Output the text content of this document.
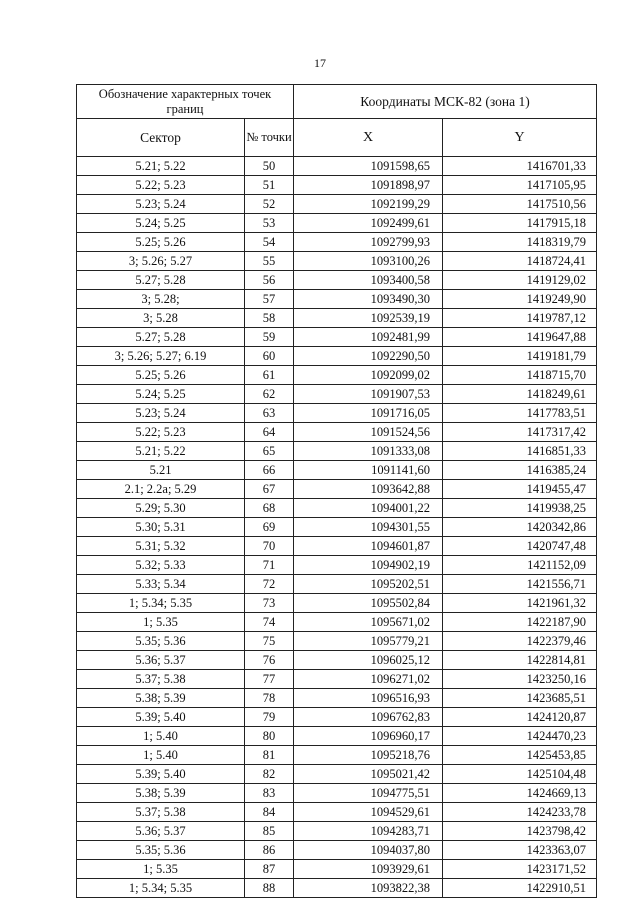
17
Обозначение характерных точек границ		Координаты МСК-82 (зона 1)	
Сектор	№ точки	X	Y
5.21; 5.22	50	1091598,65	1416701,33
5.22; 5.23	51	1091898,97	1417105,95
5.23; 5.24	52	1092199,29	1417510,56
5.24; 5.25	53	1092499,61	1417915,18
5.25; 5.26	54	1092799,93	1418319,79
3; 5.26; 5.27	55	1093100,26	1418724,41
5.27; 5.28	56	1093400,58	1419129,02
3; 5.28;	57	1093490,30	1419249,90
3; 5.28	58	1092539,19	1419787,12
5.27; 5.28	59	1092481,99	1419647,88
3; 5.26; 5.27; 6.19	60	1092290,50	1419181,79
5.25; 5.26	61	1092099,02	1418715,70
5.24; 5.25	62	1091907,53	1418249,61
5.23; 5.24	63	1091716,05	1417783,51
5.22; 5.23	64	1091524,56	1417317,42
5.21; 5.22	65	1091333,08	1416851,33
5.21	66	1091141,60	1416385,24
2.1; 2.2a; 5.29	67	1093642,88	1419455,47
5.29; 5.30	68	1094001,22	1419938,25
5.30; 5.31	69	1094301,55	1420342,86
5.31; 5.32	70	1094601,87	1420747,48
5.32; 5.33	71	1094902,19	1421152,09
5.33; 5.34	72	1095202,51	1421556,71
1; 5.34; 5.35	73	1095502,84	1421961,32
1; 5.35	74	1095671,02	1422187,90
5.35; 5.36	75	1095779,21	1422379,46
5.36; 5.37	76	1096025,12	1422814,81
5.37; 5.38	77	1096271,02	1423250,16
5.38; 5.39	78	1096516,93	1423685,51
5.39; 5.40	79	1096762,83	1424120,87
1; 5.40	80	1096960,17	1424470,23
1; 5.40	81	1095218,76	1425453,85
5.39; 5.40	82	1095021,42	1425104,48
5.38; 5.39	83	1094775,51	1424669,13
5.37; 5.38	84	1094529,61	1424233,78
5.36; 5.37	85	1094283,71	1423798,42
5.35; 5.36	86	1094037,80	1423363,07
1; 5.35	87	1093929,61	1423171,52
1; 5.34; 5.35	88	1093822,38	1422910,51
